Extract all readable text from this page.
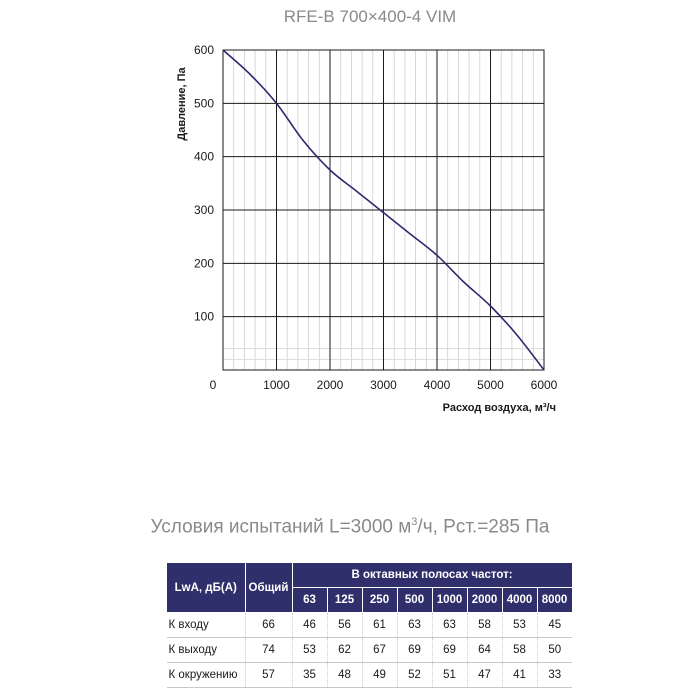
RFE-B 700×400-4 VIM
0	1000 2000 3000 4000 5000 6000
100
200
300
400
500
600
Расход воздуха, м³/ч
Давление, Па
Условия испытаний L=3000 $м^3/ч$, Pст.=285 Па
LwA, дБ(A)	Общий	В октавных полосах частот:							
		63	125	250	500	1000	2000	4000	8000
К входу	66	46	56	61	63	63	58	53	45
К выходу	74	53	62	67	69	69	64	58	50
К окружению	57	35	48	49	52	51	47	41	33
